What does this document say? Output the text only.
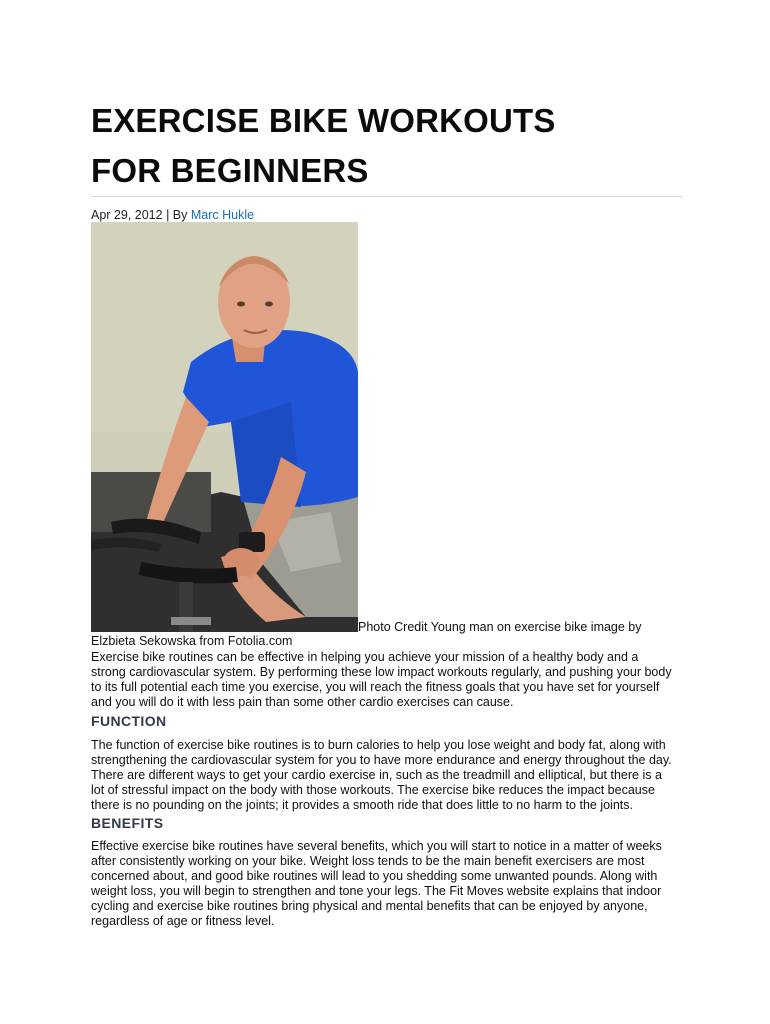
EXERCISE BIKE WORKOUTS
FOR BEGINNERS
Apr 29, 2012 | By Marc Hukle
Photo Credit Young man on exercise bike image by
Elzbieta Sekowska from Fotolia.com

Exercise bike routines can be effective in helping you achieve your mission of a healthy body and a
strong cardiovascular system. By performing these low impact workouts regularly, and pushing your body
to its full potential each time you exercise, you will reach the fitness goals that you have set for yourself
and you will do it with less pain than some other cardio exercises can cause.

FUNCTION

The function of exercise bike routines is to burn calories to help you lose weight and body fat, along with
strengthening the cardiovascular system for you to have more endurance and energy throughout the day.
There are different ways to get your cardio exercise in, such as the treadmill and elliptical, but there is a
lot of stressful impact on the body with those workouts. The exercise bike reduces the impact because
there is no pounding on the joints; it provides a smooth ride that does little to no harm to the joints.

BENEFITS

Effective exercise bike routines have several benefits, which you will start to notice in a matter of weeks
after consistently working on your bike. Weight loss tends to be the main benefit exercisers are most
concerned about, and good bike routines will lead to you shedding some unwanted pounds. Along with
weight loss, you will begin to strengthen and tone your legs. The Fit Moves website explains that indoor
cycling and exercise bike routines bring physical and mental benefits that can be enjoyed by anyone,
regardless of age or fitness level.
